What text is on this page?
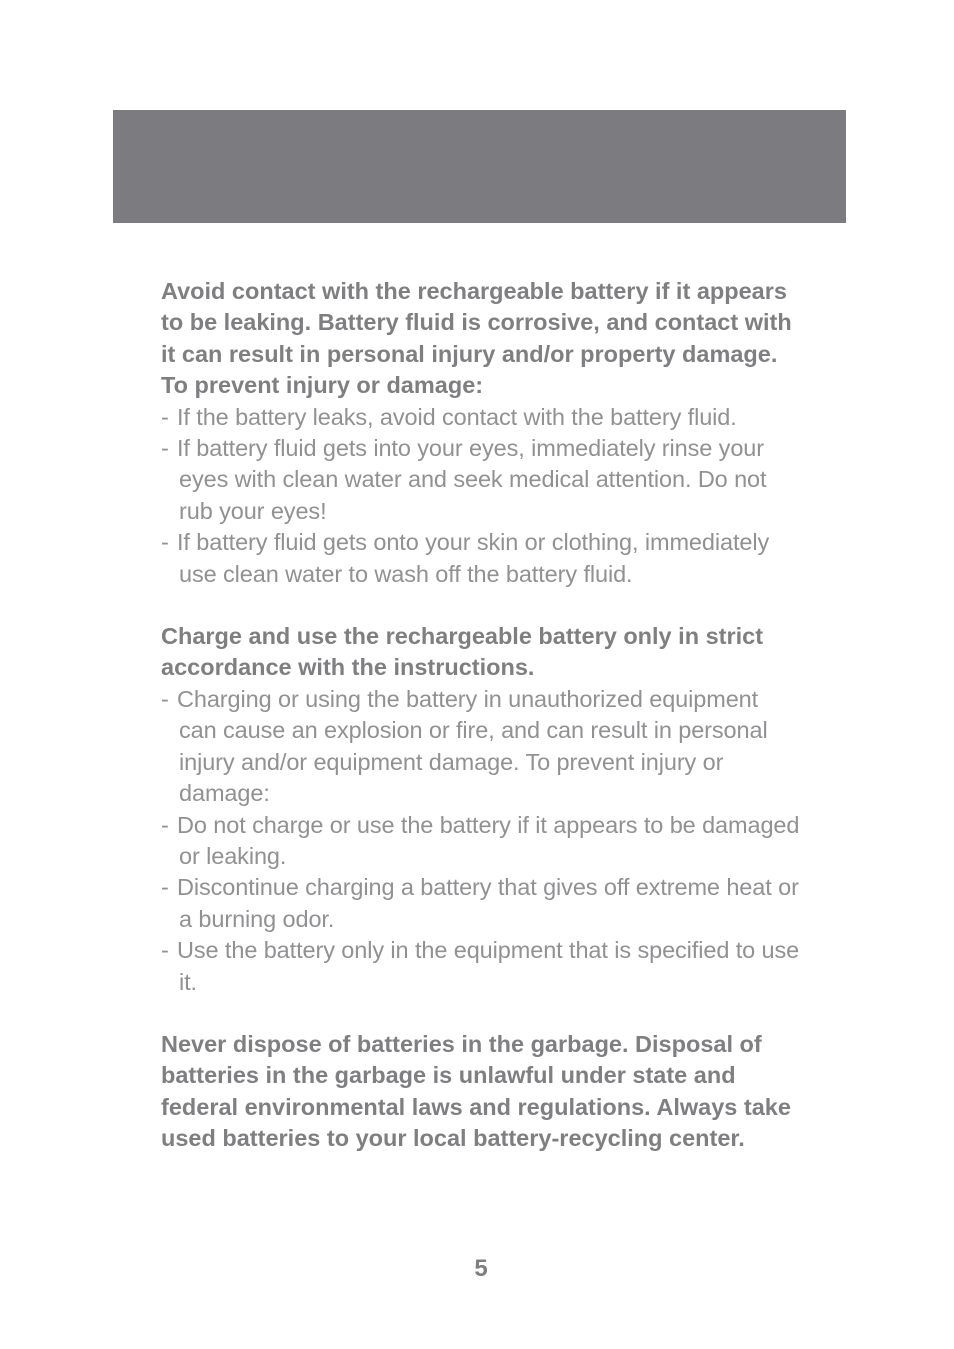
Avoid contact with the rechargeable battery if it appears to be leaking. Battery fluid is corrosive, and contact with it can result in personal injury and/or property damage. To prevent injury or damage:

- If the battery leaks, avoid contact with the battery fluid.
- If battery fluid gets into your eyes, immediately rinse your eyes with clean water and seek medical attention. Do not rub your eyes!
- If battery fluid gets onto your skin or clothing, immediately use clean water to wash off the battery fluid.

Charge and use the rechargeable battery only in strict accordance with the instructions.

- Charging or using the battery in unauthorized equipment can cause an explosion or fire, and can result in personal injury and/or equipment damage. To prevent injury or damage:
- Do not charge or use the battery if it appears to be damaged or leaking.
- Discontinue charging a battery that gives off extreme heat or a burning odor.
- Use the battery only in the equipment that is specified to use it.

Never dispose of batteries in the garbage. Disposal of batteries in the garbage is unlawful under state and federal environmental laws and regulations. Always take used batteries to your local battery-recycling center.

5
